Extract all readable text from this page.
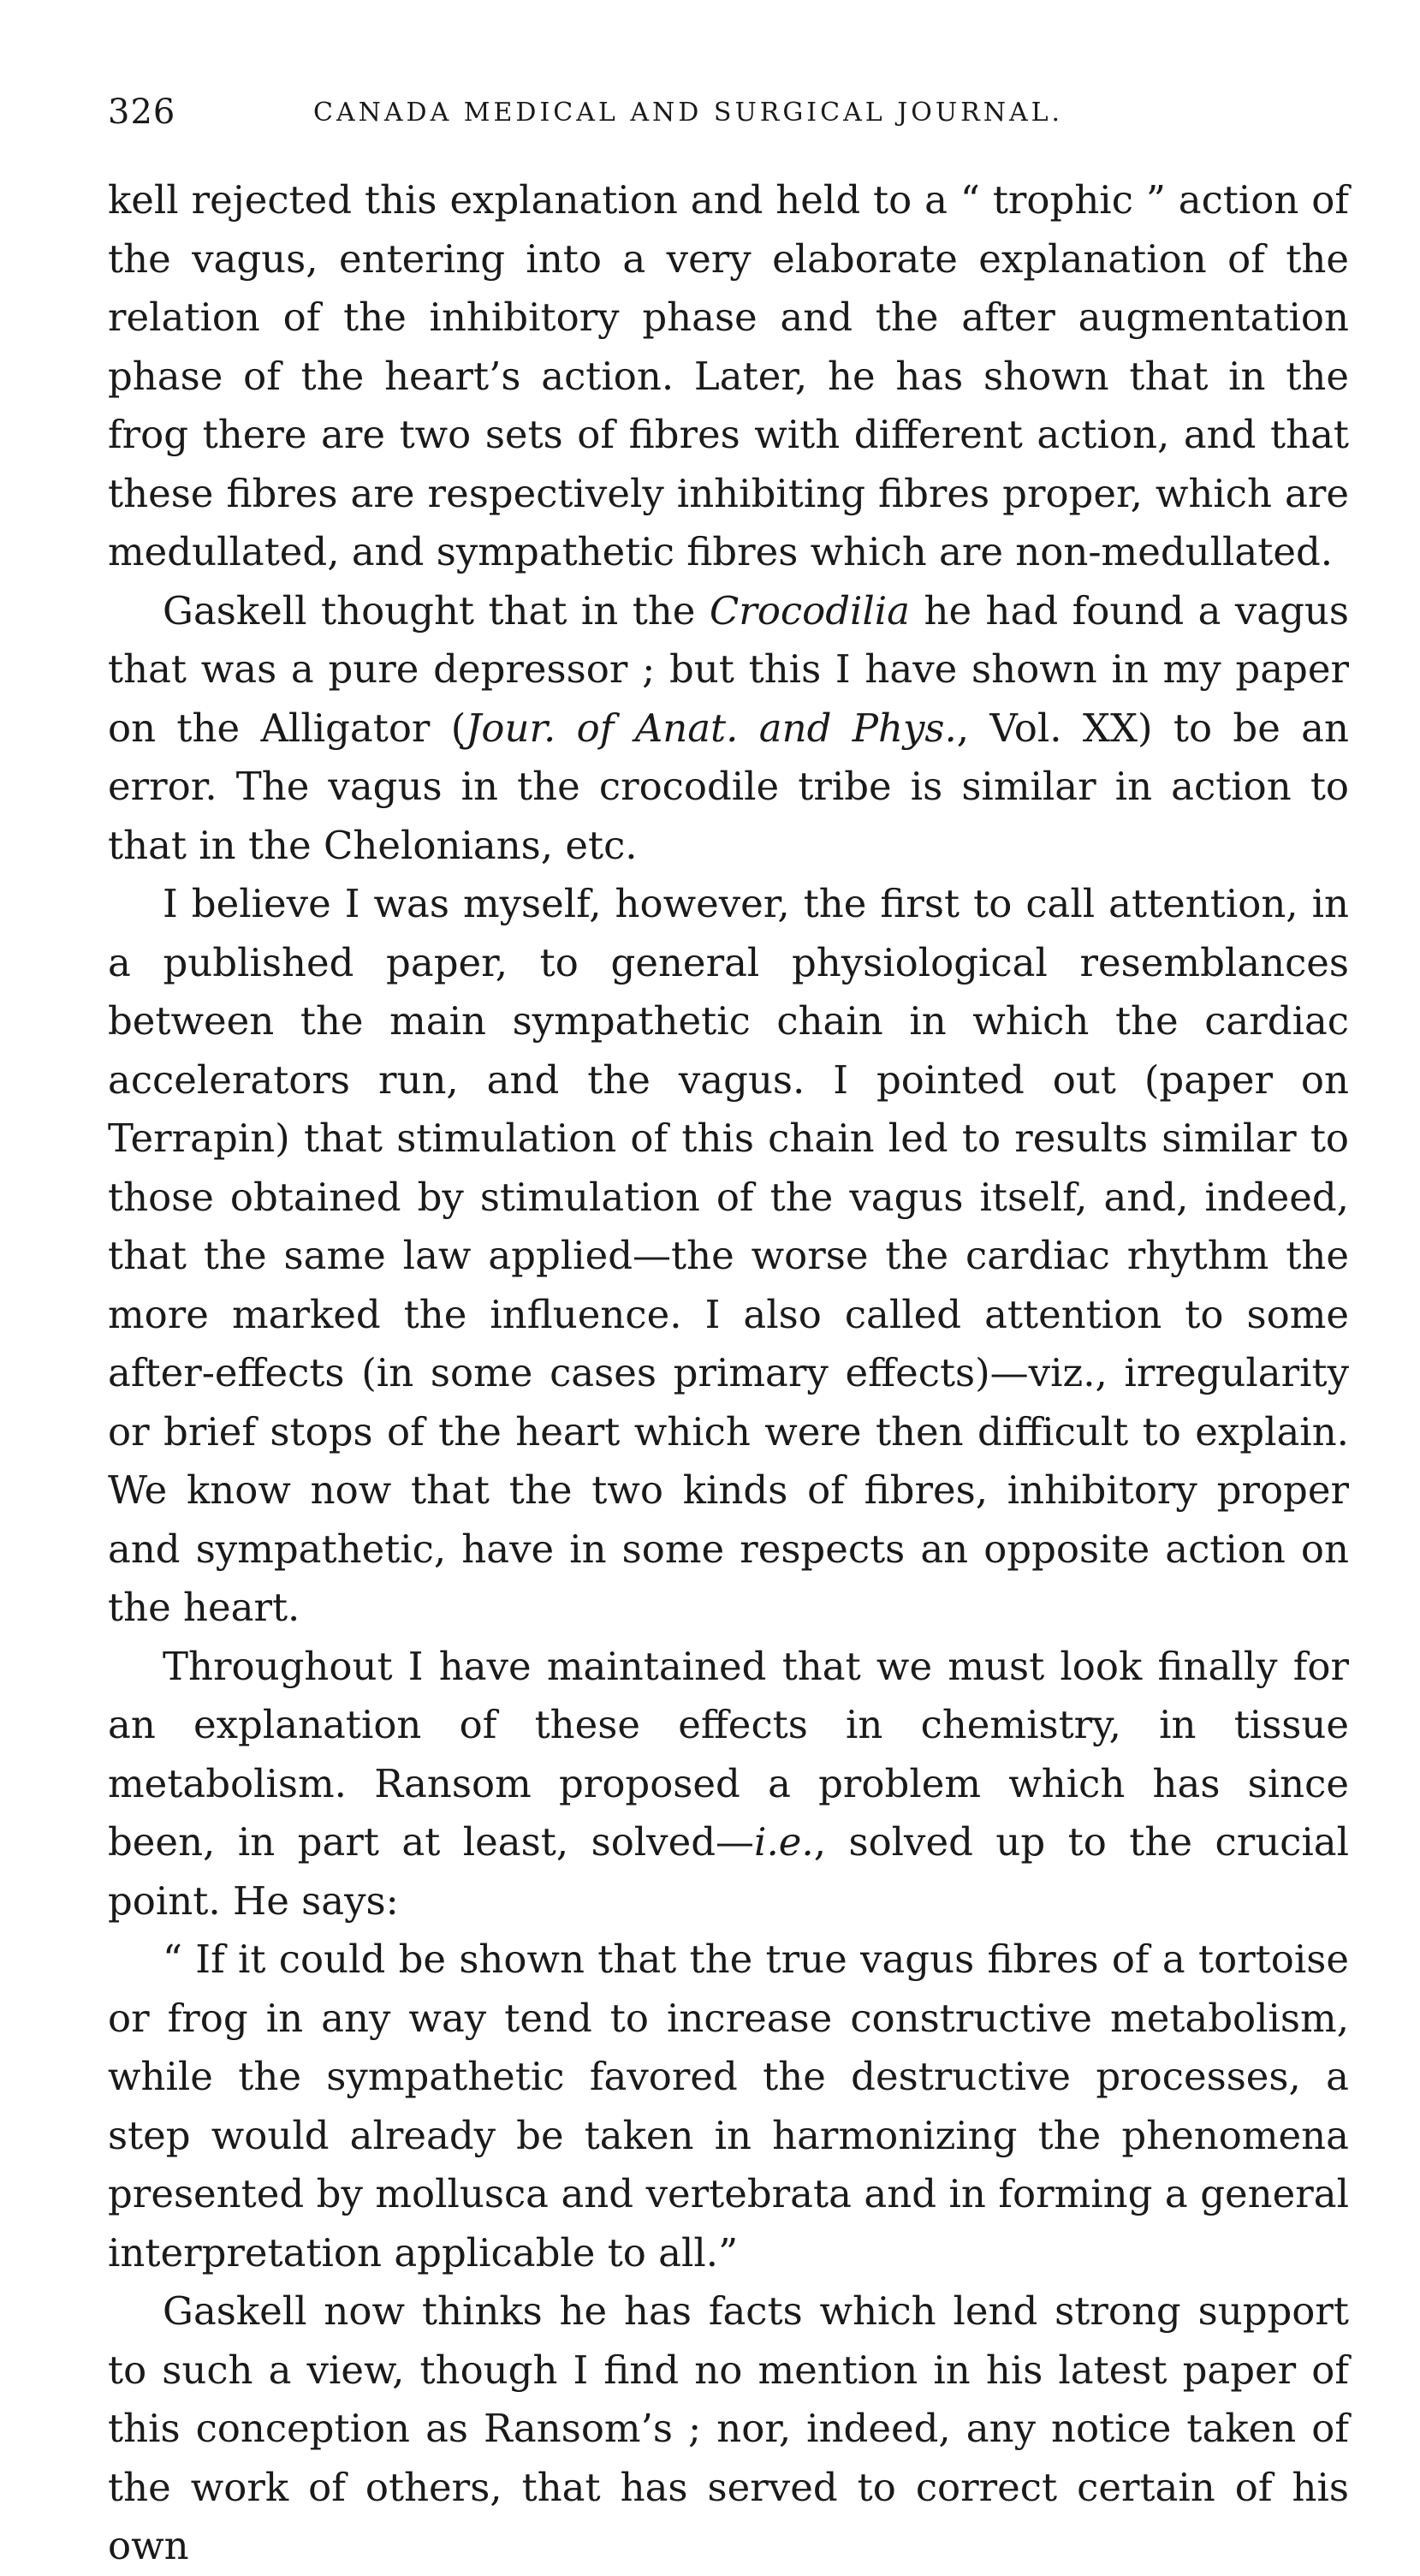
326	CANADA MEDICAL AND SURGICAL JOURNAL.

kell rejected this explanation and held to a “ trophic ” action of the vagus, entering into a very elaborate explanation of the relation of the inhibitory phase and the after augmentation phase of the heart’s action. Later, he has shown that in the frog there are two sets of fibres with different action, and that these fibres are respectively inhibiting fibres proper, which are medullated, and sympathetic fibres which are non-medullated.

Gaskell thought that in the Crocodilia he had found a vagus that was a pure depressor ; but this I have shown in my paper on the Alligator (Jour. of Anat. and Phys., Vol. XX) to be an error. The vagus in the crocodile tribe is similar in action to that in the Chelonians, etc.

I believe I was myself, however, the first to call attention, in a published paper, to general physiological resemblances between the main sympathetic chain in which the cardiac accelerators run, and the vagus. I pointed out (paper on Terrapin) that stimulation of this chain led to results similar to those obtained by stimulation of the vagus itself, and, indeed, that the same law applied—the worse the cardiac rhythm the more marked the influence. I also called attention to some after-effects (in some cases primary effects)—viz., irregularity or brief stops of the heart which were then difficult to explain. We know now that the two kinds of fibres, inhibitory proper and sympathetic, have in some respects an opposite action on the heart.

Throughout I have maintained that we must look finally for an explanation of these effects in chemistry, in tissue metabolism. Ransom proposed a problem which has since been, in part at least, solved—i.e., solved up to the crucial point. He says:

“ If it could be shown that the true vagus fibres of a tortoise or frog in any way tend to increase constructive metabolism, while the sympathetic favored the destructive processes, a step would already be taken in harmonizing the phenomena presented by mollusca and vertebrata and in forming a general interpretation applicable to all.”

Gaskell now thinks he has facts which lend strong support to such a view, though I find no mention in his latest paper of this conception as Ransom’s ; nor, indeed, any notice taken of the work of others, that has served to correct certain of his own
